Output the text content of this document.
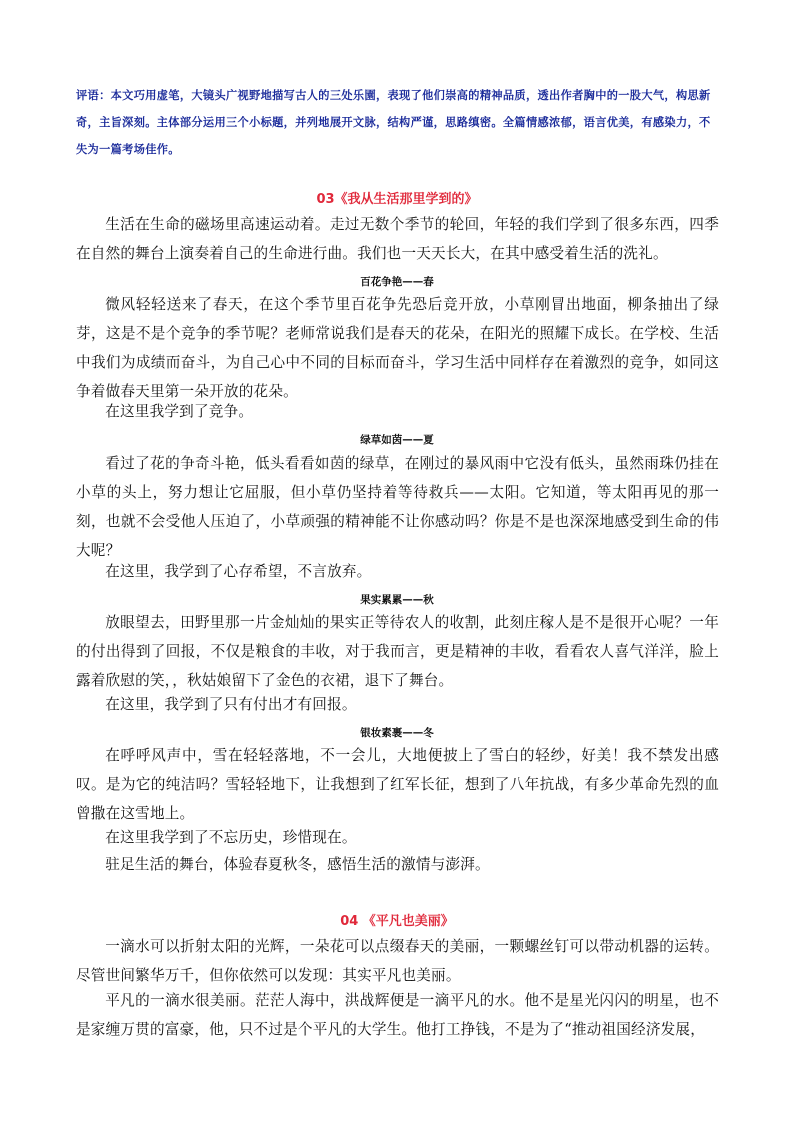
评语：本文巧用虚笔，大镜头广视野地描写古人的三处乐園，表现了他们崇高的精神品质，透出作者胸中的一股大气，构思新奇，主旨深刻。主体部分运用三个小标题，并列地展开文脉，结构严谨，思路缜密。全篇情感浓郁，语言优美，有感染力，不失为一篇考场佳作。
03《我从生活那里学到的》

生活在生命的磁场里高速运动着。走过无数个季节的轮回，年轻的我们学到了很多东西，四季在自然的舞台上演奏着自己的生命进行曲。我们也一天天长大，在其中感受着生活的洗礼。

百花争艳——春

微风轻轻送来了春天，在这个季节里百花争先恐后竞开放，小草刚冒出地面，柳条抽出了绿芽，这是不是个竞争的季节呢？老师常说我们是春天的花朵，在阳光的照耀下成长。在学校、生活中我们为成绩而奋斗，为自己心中不同的目标而奋斗，学习生活中同样存在着激烈的竞争，如同这争着做春天里第一朵开放的花朵。

在这里我学到了竞争。

绿草如茵——夏

看过了花的争奇斗艳，低头看看如茵的绿草，在刚过的暴风雨中它没有低头，虽然雨珠仍挂在小草的头上，努力想让它屈服，但小草仍坚持着等待救兵——太阳。它知道，等太阳再见的那一刻，也就不会受他人压迫了，小草顽强的精神能不让你感动吗？你是不是也深深地感受到生命的伟大呢？

在这里，我学到了心存希望，不言放弃。

果实累累——秋

放眼望去，田野里那一片金灿灿的果实正等待农人的收割，此刻庄稼人是不是很开心呢？一年的付出得到了回报，不仅是粮食的丰收，对于我而言，更是精神的丰收，看看农人喜气洋洋，脸上露着欣慰的笑，，秋姑娘留下了金色的衣裙，退下了舞台。

在这里，我学到了只有付出才有回报。

银妆素裹——冬

在呼呼风声中，雪在轻轻落地，不一会儿，大地便披上了雪白的轻纱，好美！我不禁发出感叹。是为它的纯洁吗？雪轻轻地下，让我想到了红军长征，想到了八年抗战，有多少革命先烈的血曾撒在这雪地上。

在这里我学到了不忘历史，珍惜现在。

驻足生活的舞台，体验春夏秋冬，感悟生活的激情与澎湃。

04 《平凡也美丽》

一滴水可以折射太阳的光辉，一朵花可以点缀春天的美丽，一颗螺丝钉可以带动机器的运转。尽管世间繁华万千，但你依然可以发现：其实平凡也美丽。

平凡的一滴水很美丽。茫茫人海中，洪战辉便是一滴平凡的水。他不是星光闪闪的明星，也不是家缠万贯的富豪，他，只不过是个平凡的大学生。他打工挣钱，不是为了“推动祖国经济发展，
